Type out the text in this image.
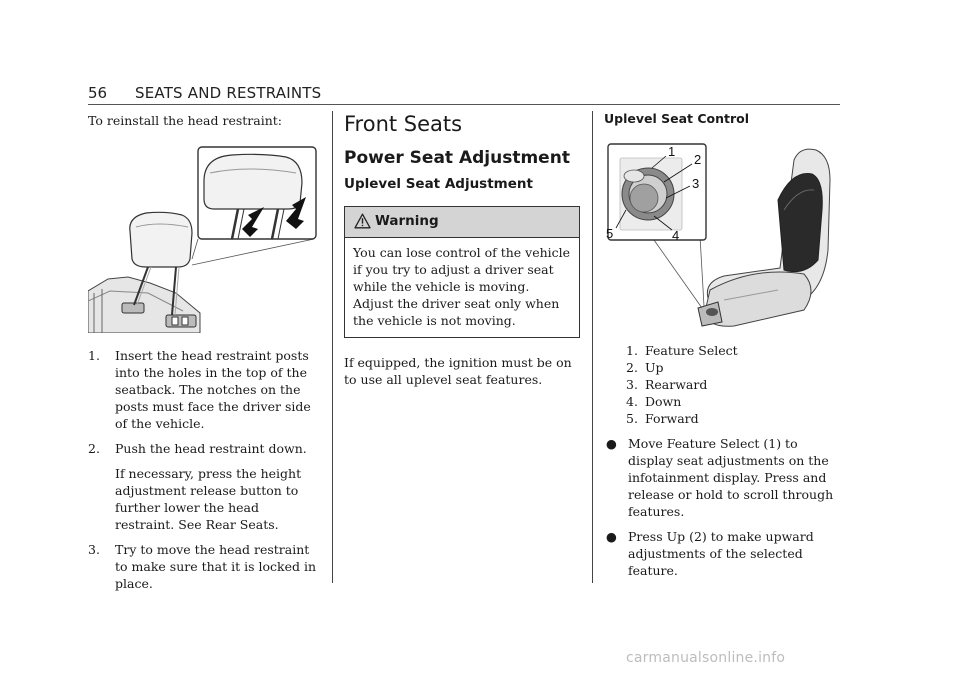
56 SEATS AND RESTRAINTS

To reinstall the head restraint:

1. Insert the head restraint posts into the holes in the top of the seatback. The notches on the posts must face the driver side of the vehicle.
2. Push the head restraint down.
If necessary, press the height adjustment release button to further lower the head restraint. See Rear Seats.
3. Try to move the head restraint to make sure that it is locked in place.
Front Seats
Power Seat Adjustment
Uplevel Seat Adjustment
Warning
You can lose control of the vehicle if you try to adjust a driver seat while the vehicle is moving. Adjust the driver seat only when the vehicle is not moving.

If equipped, the ignition must be on to use all uplevel seat features.

Uplevel Seat Control
1
2
3
4
5
1. Feature Select
2. Up
3. Rearward
4. Down
5. Forward
● Move Feature Select (1) to display seat adjustments on the infotainment display. Press and release or hold to scroll through features.
● Press Up (2) to make upward adjustments of the selected feature.
carmanualsonline.info
